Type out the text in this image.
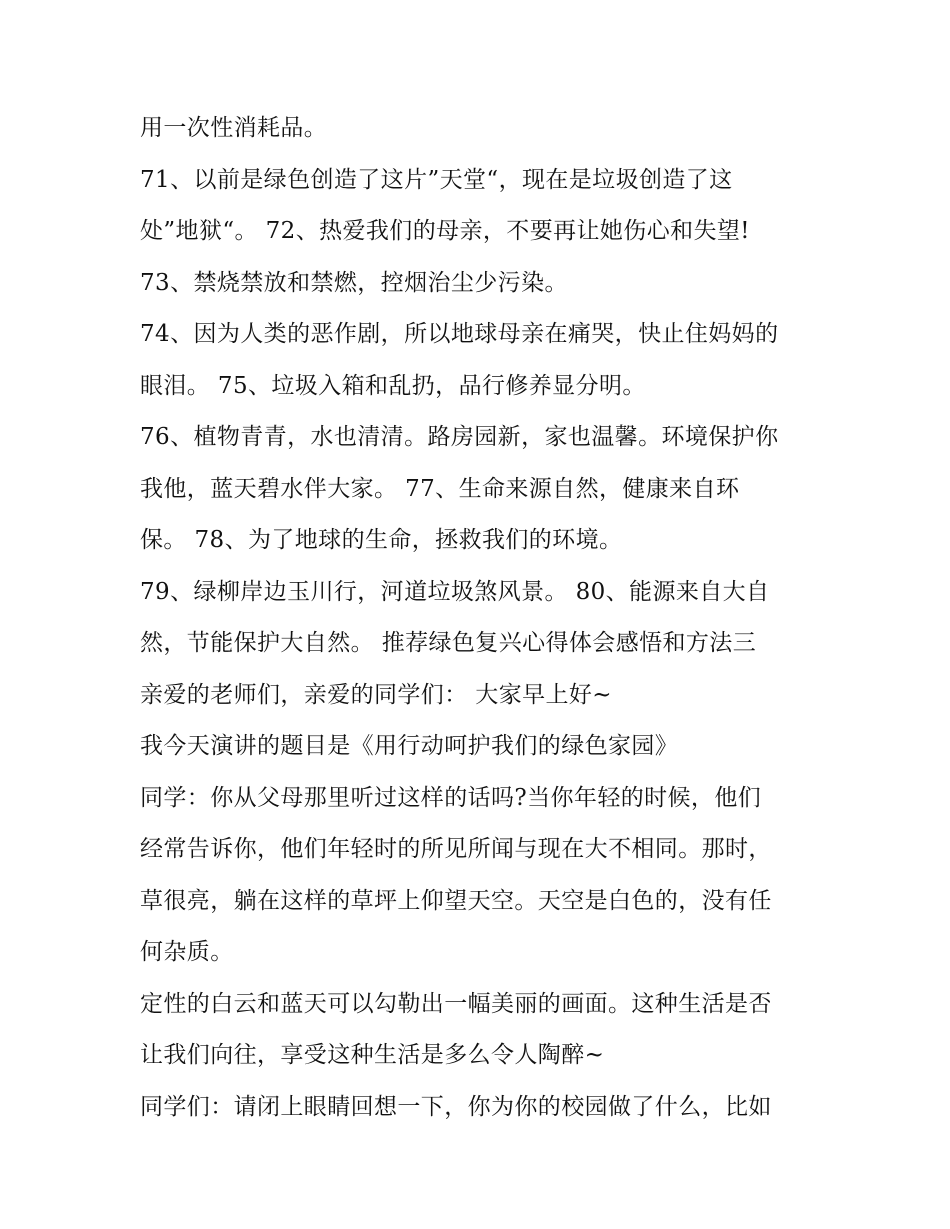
用一次性消耗品。
71、以前是绿色创造了这片”天堂“，现在是垃圾创造了这
处”地狱“。 72、热爱我们的母亲，不要再让她伤心和失望!
73、禁烧禁放和禁燃，控烟治尘少污染。
74、因为人类的恶作剧，所以地球母亲在痛哭，快止住妈妈的
眼泪。 75、垃圾入箱和乱扔，品行修养显分明。
76、植物青青，水也清清。路房园新，家也温馨。环境保护你
我他，蓝天碧水伴大家。 77、生命来源自然，健康来自环
保。 78、为了地球的生命，拯救我们的环境。
79、绿柳岸边玉川行，河道垃圾煞风景。 80、能源来自大自
然，节能保护大自然。 推荐绿色复兴心得体会感悟和方法三
亲爱的老师们，亲爱的同学们： 大家早上好~
我今天演讲的题目是《用行动呵护我们的绿色家园》
同学：你从父母那里听过这样的话吗?当你年轻的时候，他们
经常告诉你，他们年轻时的所见所闻与现在大不相同。那时，
草很亮，躺在这样的草坪上仰望天空。天空是白色的，没有任
何杂质。
定性的白云和蓝天可以勾勒出一幅美丽的画面。这种生活是否
让我们向往，享受这种生活是多么令人陶醉~
同学们：请闭上眼睛回想一下，你为你的校园做了什么，比如
